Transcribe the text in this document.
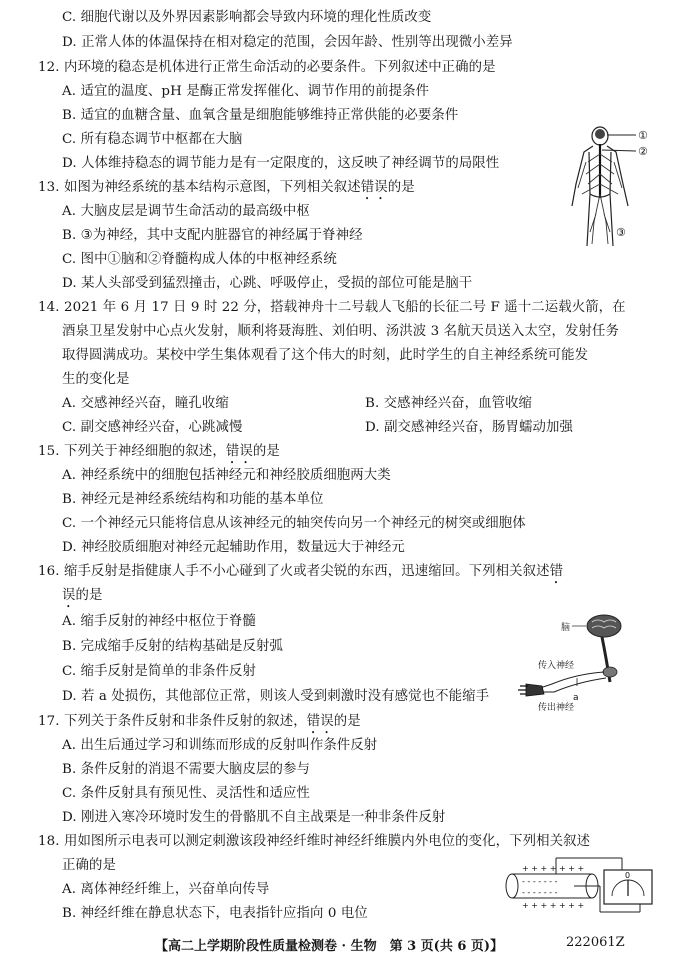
C. 细胞代谢以及外界因素影响都会导致内环境的理化性质改变
D. 正常人体的体温保持在相对稳定的范围，会因年龄、性别等出现微小差异
12. 内环境的稳态是机体进行正常生命活动的必要条件。下列叙述中正确的是
A. 适宜的温度、pH 是酶正常发挥催化、调节作用的前提条件
B. 适宜的血糖含量、血氧含量是细胞能够维持正常供能的必要条件
C. 所有稳态调节中枢都在大脑
D. 人体维持稳态的调节能力是有一定限度的，这反映了神经调节的局限性
①
②
③
13. 如图为神经系统的基本结构示意图，下列相关叙述错误的是
A. 大脑皮层是调节生命活动的最高级中枢
B. ③为神经，其中支配内脏器官的神经属于脊神经
C. 图中①脑和②脊髓构成人体的中枢神经系统
D. 某人头部受到猛烈撞击，心跳、呼吸停止，受损的部位可能是脑干
14. 2021 年 6 月 17 日 9 时 22 分，搭载神舟十二号载人飞船的长征二号 F 遥十二运载火箭，在
酒泉卫星发射中心点火发射，顺利将聂海胜、刘伯明、汤洪波 3 名航天员送入太空，发射任务
取得圆满成功。某校中学生集体观看了这个伟大的时刻，此时学生的自主神经系统可能发
生的变化是
A. 交感神经兴奋，瞳孔收缩	B. 交感神经兴奋，血管收缩
C. 副交感神经兴奋，心跳减慢	D. 副交感神经兴奋，肠胃蠕动加强
15. 下列关于神经细胞的叙述，错误的是
A. 神经系统中的细胞包括神经元和神经胶质细胞两大类
B. 神经元是神经系统结构和功能的基本单位
C. 一个神经元只能将信息从该神经元的轴突传向另一个神经元的树突或细胞体
D. 神经胶质细胞对神经元起辅助作用，数量远大于神经元
16. 缩手反射是指健康人手不小心碰到了火或者尖锐的东西，迅速缩回。下列相关叙述错
误的是
A. 缩手反射的神经中枢位于脊髓
B. 完成缩手反射的结构基础是反射弧
C. 缩手反射是简单的非条件反射
D. 若 a 处损伤，其他部位正常，则该人受到刺激时没有感觉也不能缩手	a
脑
传入神经
传出神经
17. 下列关于条件反射和非条件反射的叙述，错误的是
A. 出生后通过学习和训练而形成的反射叫作条件反射
B. 条件反射的消退不需要大脑皮层的参与
C. 条件反射具有预见性、灵活性和适应性
D. 刚进入寒冷环境时发生的骨骼肌不自主战栗是一种非条件反射
18. 用如图所示电表可以测定刺激该段神经纤维时神经纤维膜内外电位的变化，下列相关叙述
正确的是
A. 离体神经纤维上，兴奋单向传导
B. 神经纤维在静息状态下，电表指针应指向 0 电位
+ + + + + + +
- - - - - - -
- - - - - - -
+ + + + + + +
0
【高二上学期阶段性质量检测卷 · 生物　第 3 页(共 6 页)】	222061Z
